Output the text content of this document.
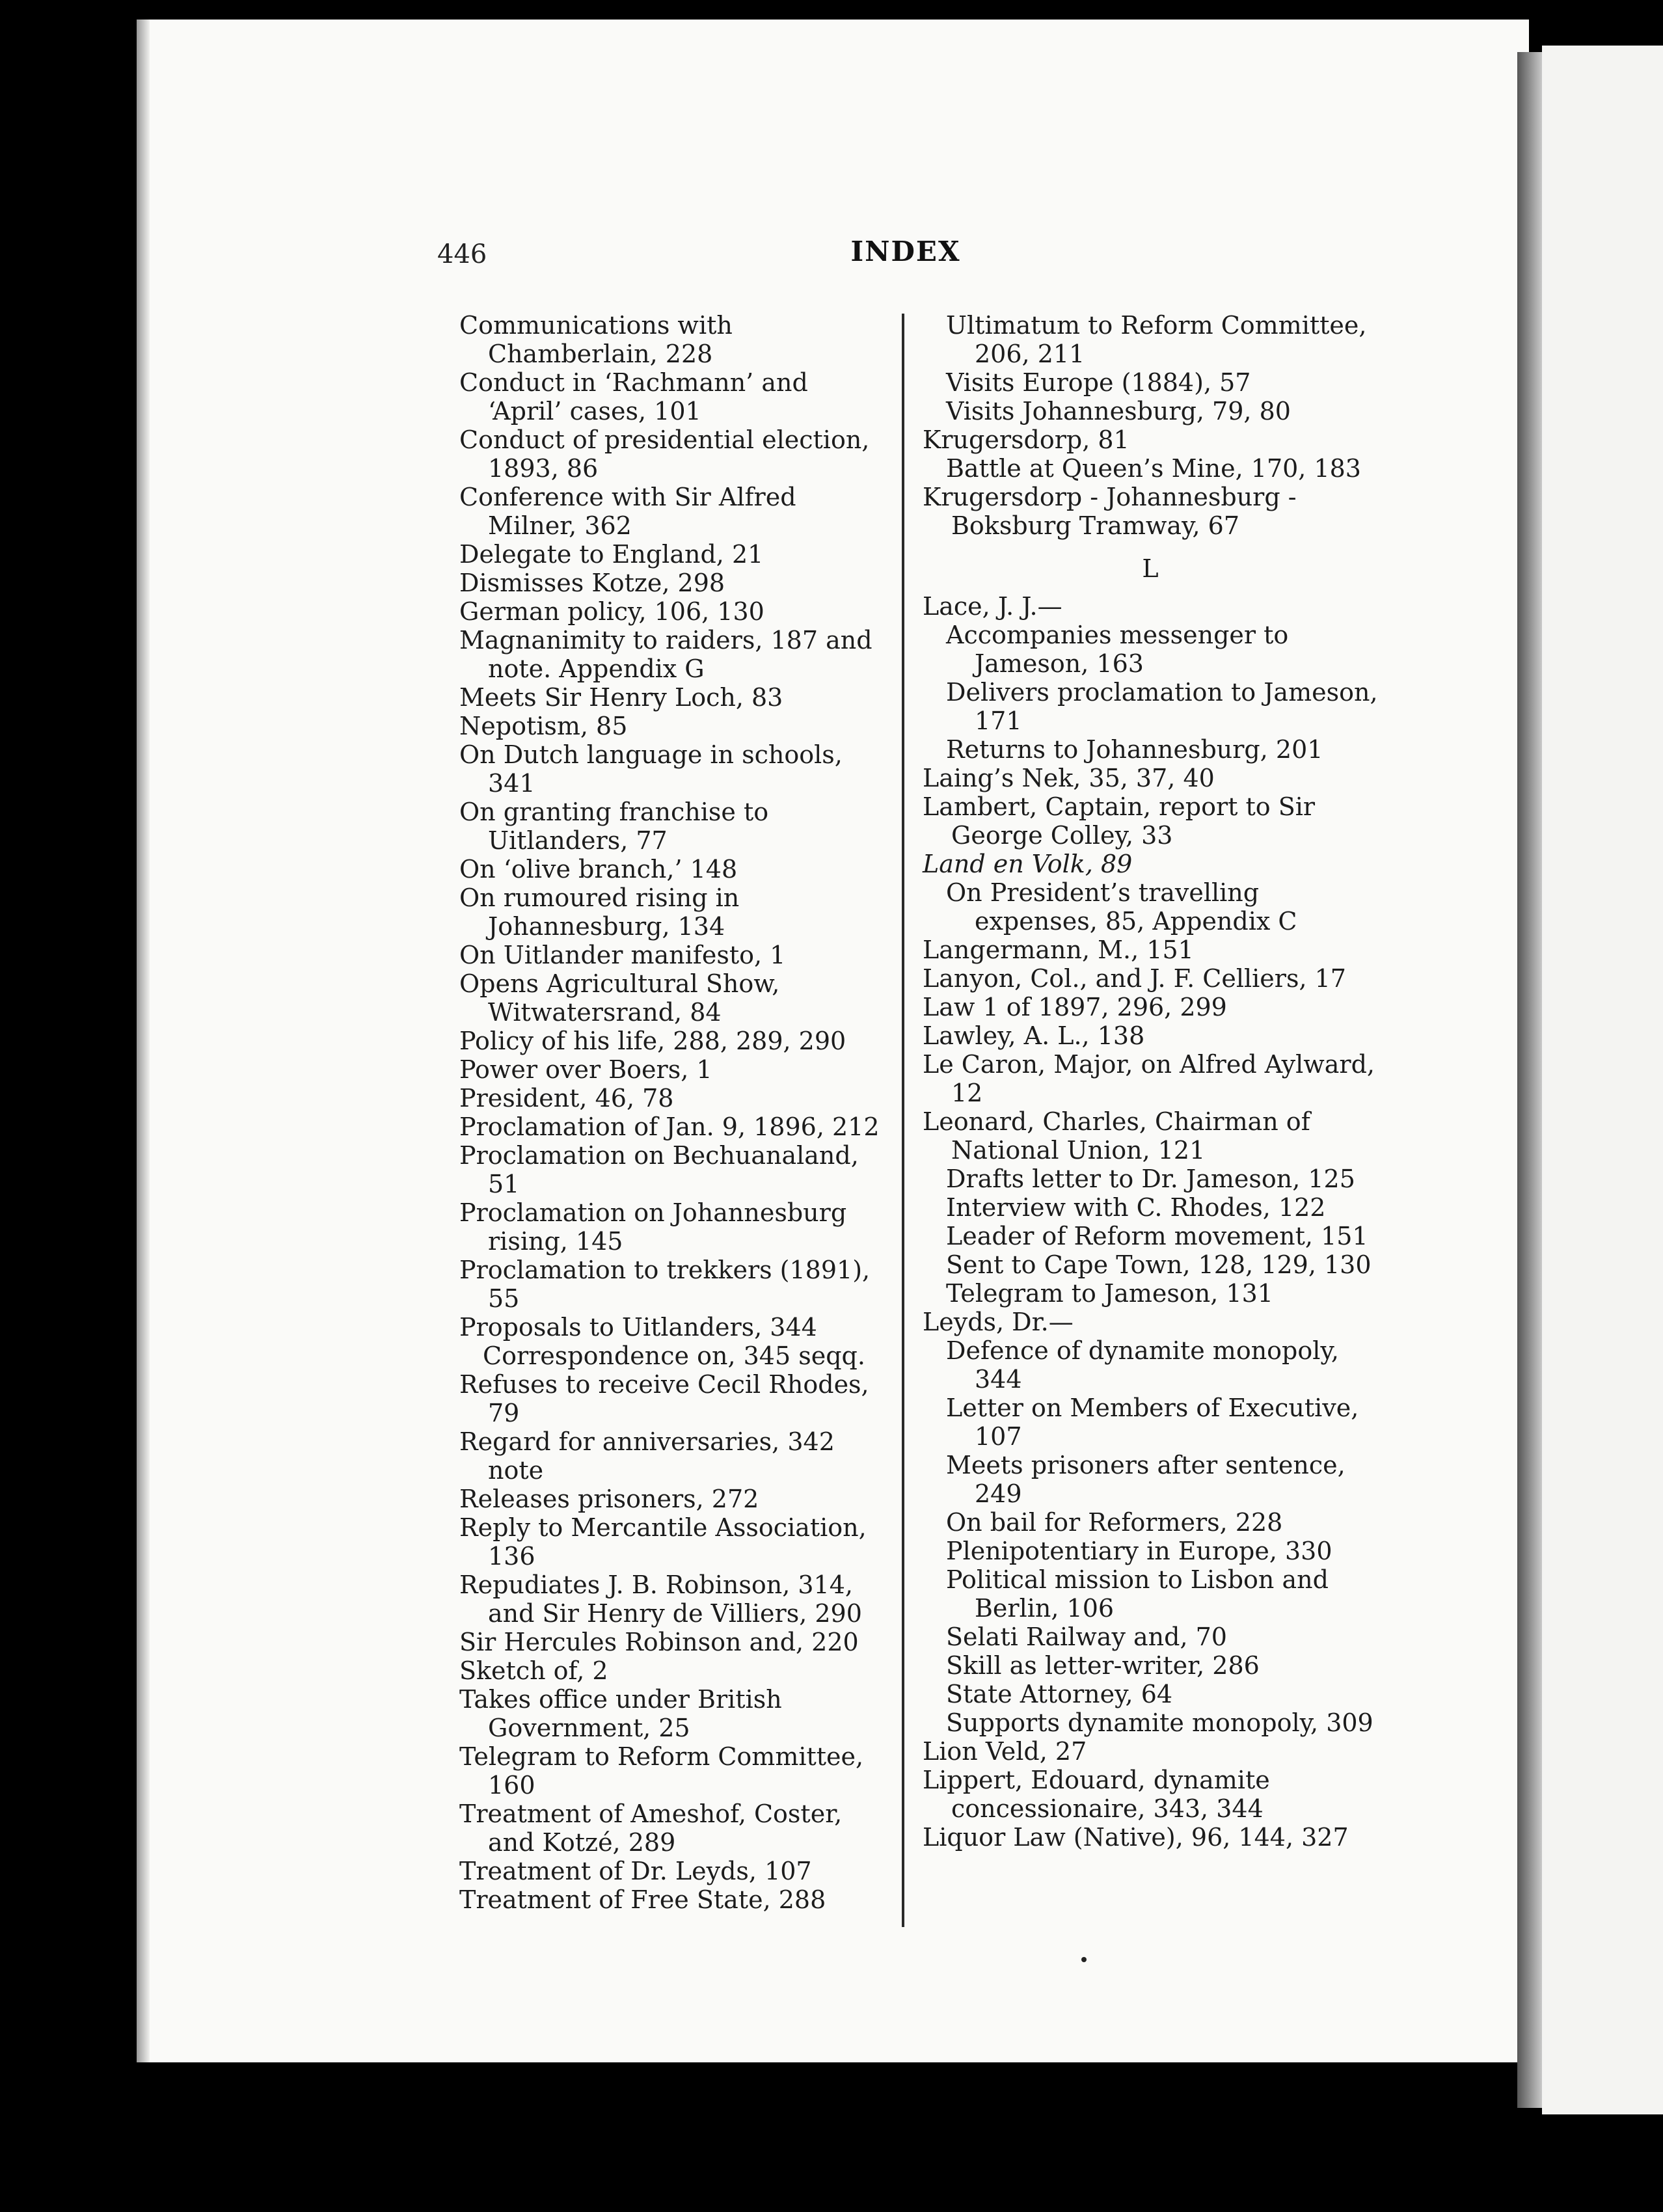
446	INDEX
Communications with Chamberlain, 228
Conduct in ‘Rachmann’ and ‘April’ cases, 101
Conduct of presidential election, 1893, 86
Conference with Sir Alfred Milner, 362
Delegate to England, 21
Dismisses Kotze, 298
German policy, 106, 130
Magnanimity to raiders, 187 and note. Appendix G
Meets Sir Henry Loch, 83
Nepotism, 85
On Dutch language in schools, 341
On granting franchise to Uitlanders, 77
On ‘olive branch,’ 148
On rumoured rising in Johannesburg, 134
On Uitlander manifesto, 1
Opens Agricultural Show, Witwatersrand, 84
Policy of his life, 288, 289, 290
Power over Boers, 1
President, 46, 78
Proclamation of Jan. 9, 1896, 212
Proclamation on Bechuanaland, 51
Proclamation on Johannesburg rising, 145
Proclamation to trekkers (1891), 55
Proposals to Uitlanders, 344
Correspondence on, 345 seqq.
Refuses to receive Cecil Rhodes, 79
Regard for anniversaries, 342 note
Releases prisoners, 272
Reply to Mercantile Association, 136
Repudiates J. B. Robinson, 314, and Sir Henry de Villiers, 290
Sir Hercules Robinson and, 220
Sketch of, 2
Takes office under British Government, 25
Telegram to Reform Committee, 160
Treatment of Ameshof, Coster, and Kotzé, 289
Treatment of Dr. Leyds, 107
Treatment of Free State, 288
Ultimatum to Reform Committee, 206, 211
Visits Europe (1884), 57
Visits Johannesburg, 79, 80
Krugersdorp, 81
Battle at Queen’s Mine, 170, 183
Krugersdorp - Johannesburg - Boksburg Tramway, 67
L
Lace, J. J.—
Accompanies messenger to Jameson, 163
Delivers proclamation to Jameson, 171
Returns to Johannesburg, 201
Laing’s Nek, 35, 37, 40
Lambert, Captain, report to Sir George Colley, 33
Land en Volk, 89
On President’s travelling expenses, 85, Appendix C
Langermann, M., 151
Lanyon, Col., and J. F. Celliers, 17
Law 1 of 1897, 296, 299
Lawley, A. L., 138
Le Caron, Major, on Alfred Aylward, 12
Leonard, Charles, Chairman of National Union, 121
Drafts letter to Dr. Jameson, 125
Interview with C. Rhodes, 122
Leader of Reform movement, 151
Sent to Cape Town, 128, 129, 130
Telegram to Jameson, 131
Leyds, Dr.—
Defence of dynamite monopoly, 344
Letter on Members of Executive, 107
Meets prisoners after sentence, 249
On bail for Reformers, 228
Plenipotentiary in Europe, 330
Political mission to Lisbon and Berlin, 106
Selati Railway and, 70
Skill as letter-writer, 286
State Attorney, 64
Supports dynamite monopoly, 309
Lion Veld, 27
Lippert, Edouard, dynamite concessionaire, 343, 344
Liquor Law (Native), 96, 144, 327
